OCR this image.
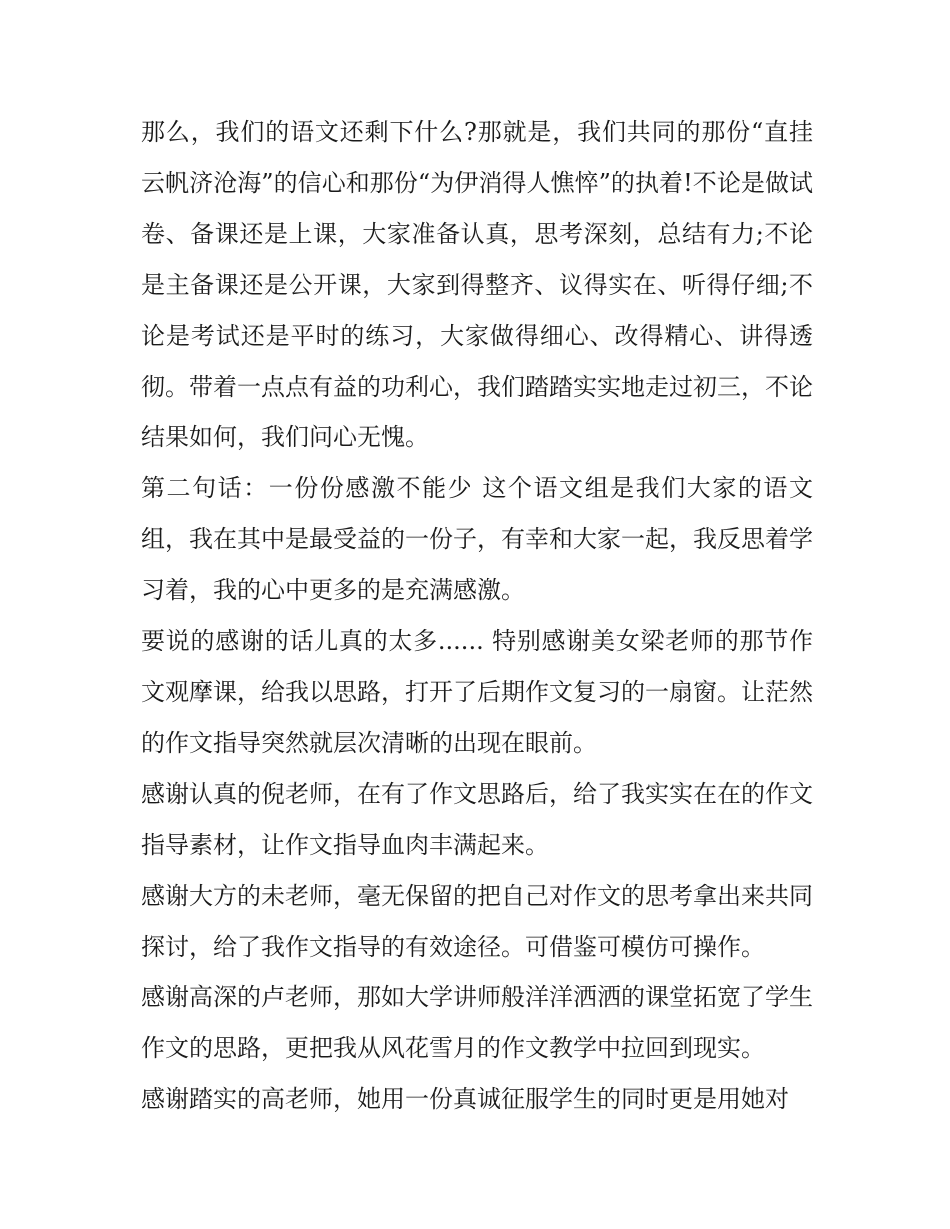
那么，我们的语文还剩下什么?那就是，我们共同的那份“直挂云帆济沧海”的信心和那份“为伊消得人憔悴”的执着!不论是做试卷、备课还是上课，大家准备认真，思考深刻，总结有力;不论是主备课还是公开课，大家到得整齐、议得实在、听得仔细;不论是考试还是平时的练习，大家做得细心、改得精心、讲得透彻。带着一点点有益的功利心，我们踏踏实实地走过初三，不论结果如何，我们问心无愧。

第二句话：一份份感激不能少 这个语文组是我们大家的语文组，我在其中是最受益的一份子，有幸和大家一起，我反思着学习着，我的心中更多的是充满感激。

要说的感谢的话儿真的太多...... 特别感谢美女梁老师的那节作文观摩课，给我以思路，打开了后期作文复习的一扇窗。让茫然的作文指导突然就层次清晰的出现在眼前。

感谢认真的倪老师，在有了作文思路后，给了我实实在在的作文指导素材，让作文指导血肉丰满起来。

感谢大方的未老师，毫无保留的把自己对作文的思考拿出来共同探讨，给了我作文指导的有效途径。可借鉴可模仿可操作。

感谢高深的卢老师，那如大学讲师般洋洋洒洒的课堂拓宽了学生作文的思路，更把我从风花雪月的作文教学中拉回到现实。

感谢踏实的高老师，她用一份真诚征服学生的同时更是用她对
